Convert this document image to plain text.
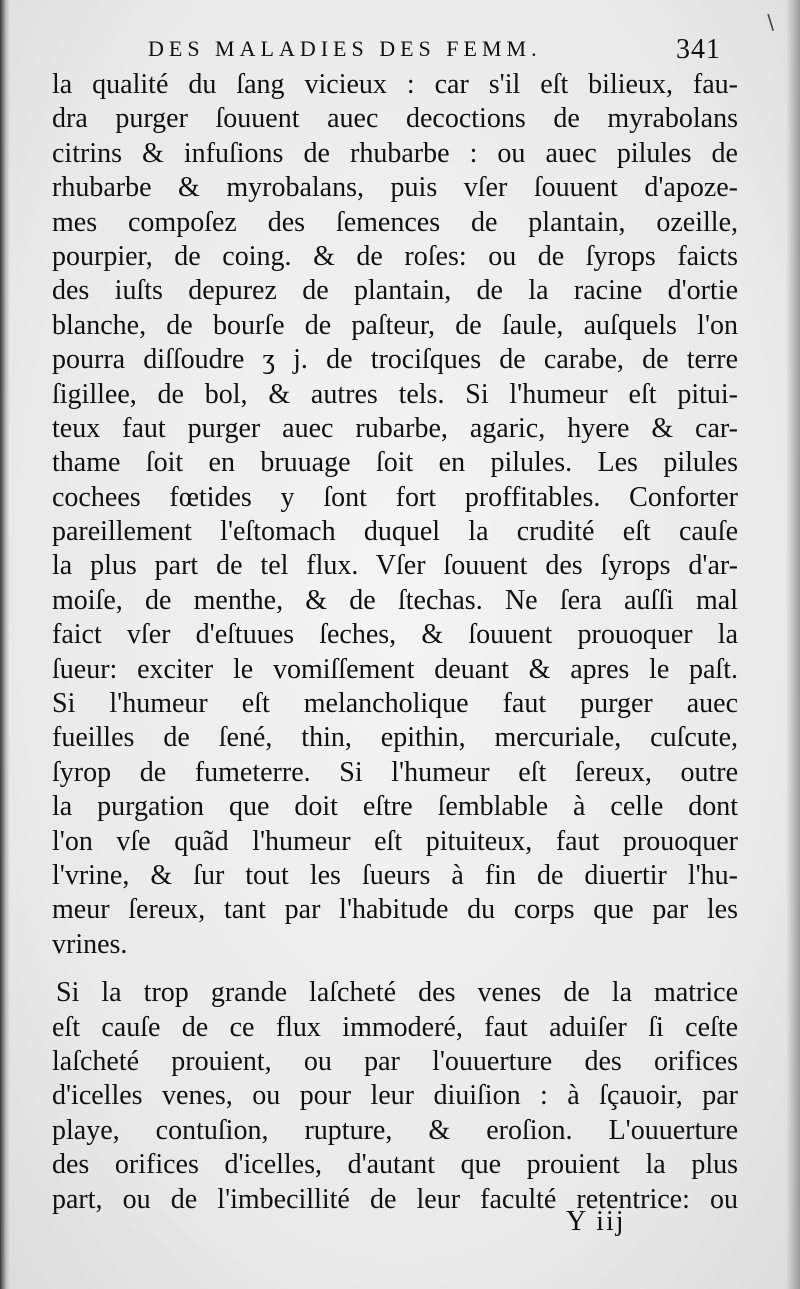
\
DES MALADIES DES FEMM.	341
la qualité du ſang vicieux : car s'il eſt bilieux, fau-
dra purger ſouuent auec decoctions de myrabolans
citrins & infuſions de rhubarbe : ou auec pilules de
rhubarbe & myrobalans, puis vſer ſouuent d'apoze-
mes compoſez des ſemences de plantain, ozeille,
pourpier, de coing. & de roſes: ou de ſyrops faicts
des iuſts depurez de plantain, de la racine d'ortie
blanche, de bourſe de paſteur, de ſaule, auſquels l'on
pourra diſſoudre ʒ j. de trociſques de carabe, de terre
ſigillee, de bol, & autres tels. Si l'humeur eſt pitui-
teux faut purger auec rubarbe, agaric, hyere & car-
thame ſoit en bruuage ſoit en pilules. Les pilules
cochees fœtides y ſont fort proffitables. Conforter
pareillement l'eſtomach duquel la crudité eſt cauſe
la plus part de tel flux. Vſer ſouuent des ſyrops d'ar-
moiſe, de menthe, & de ſtechas. Ne ſera auſſi mal
faict vſer d'eſtuues ſeches, & ſouuent prouoquer la
ſueur: exciter le vomiſſement deuant & apres le paſt.
Si l'humeur eſt melancholique faut purger auec
fueilles de ſené, thin, epithin, mercuriale, cuſcute,
ſyrop de fumeterre. Si l'humeur eſt ſereux, outre
la purgation que doit eſtre ſemblable à celle dont
l'on vſe quãd l'humeur eſt pituiteux, faut prouoquer
l'vrine, & ſur tout les ſueurs à fin de diuertir l'hu-
meur ſereux, tant par l'habitude du corps que par les
vrines.
Si la trop grande laſcheté des venes de la matrice
eſt cauſe de ce flux immoderé, faut aduiſer ſi ceſte
laſcheté prouient, ou par l'ouuerture des orifices
d'icelles venes, ou pour leur diuiſion : à ſçauoir, par
playe, contuſion, rupture, & eroſion. L'ouuerture
des orifices d'icelles, d'autant que prouient la plus
part, ou de l'imbecillité de leur faculté retentrice: ou
Y iij
